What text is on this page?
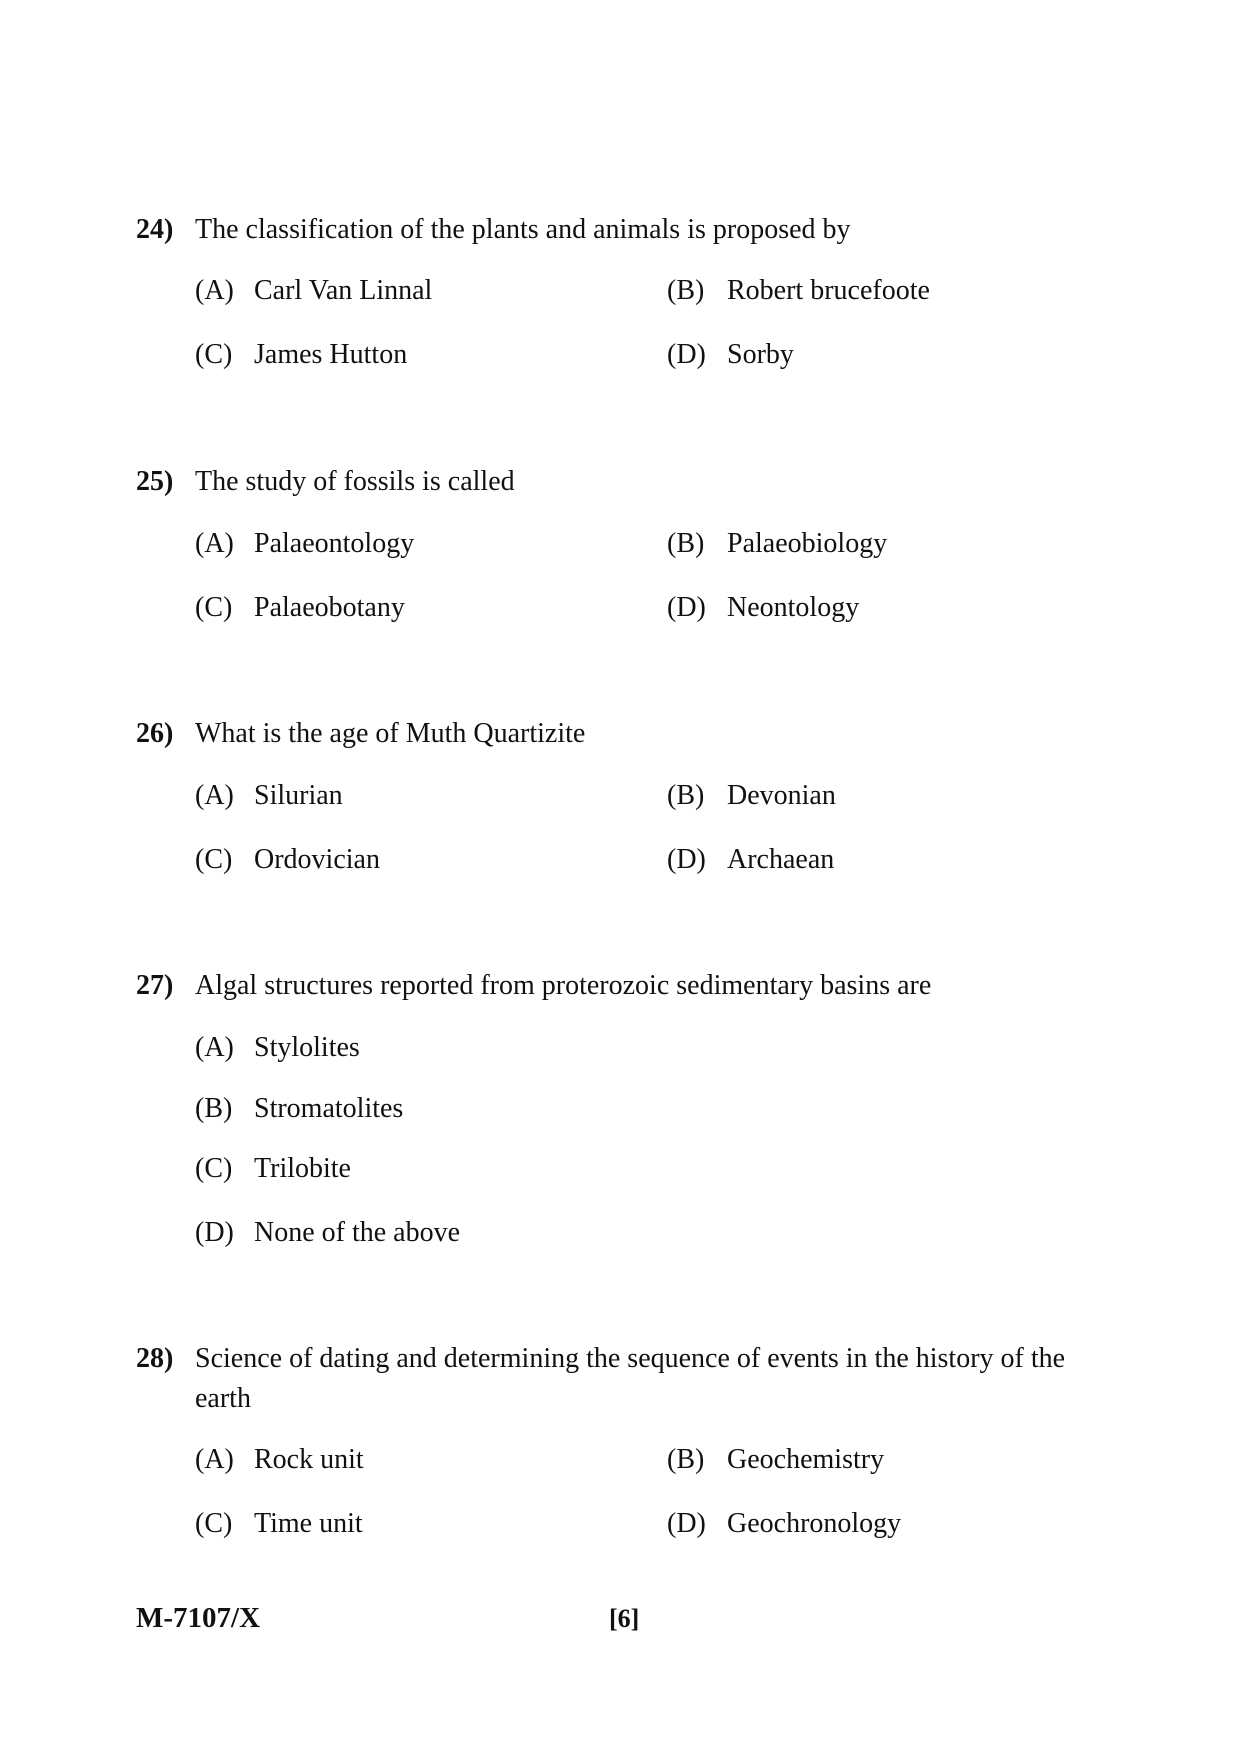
24) The classification of the plants and animals is proposed by
(A) Carl Van Linnal	(B) Robert brucefoote
(C) James Hutton	(D) Sorby
25) The study of fossils is called
(A) Palaeontology	(B) Palaeobiology
(C) Palaeobotany	(D) Neontology
26) What is the age of Muth Quartizite
(A) Silurian	(B) Devonian
(C) Ordovician	(D) Archaean
27) Algal structures reported from proterozoic sedimentary basins are
(A) Stylolites
(B) Stromatolites
(C) Trilobite
(D) None of the above
28) Science of dating and determining the sequence of events in the history of the
earth
(A) Rock unit	(B) Geochemistry
(C) Time unit	(D) Geochronology
M-7107/X	[6]
